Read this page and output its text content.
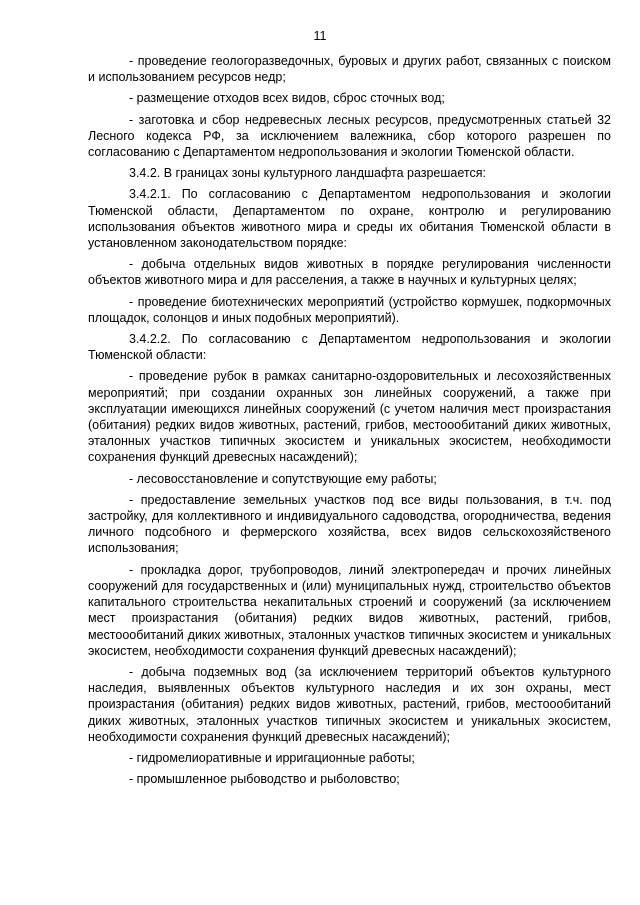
11

- проведение геологоразведочных, буровых и других работ, связанных с поиском и использованием ресурсов недр;

- размещение отходов всех видов, сброс сточных вод;

- заготовка и сбор недревесных лесных ресурсов, предусмотренных статьей 32 Лесного кодекса РФ, за исключением валежника, сбор которого разрешен по согласованию с Департаментом недропользования и экологии Тюменской области.

3.4.2. В границах зоны культурного ландшафта разрешается:

3.4.2.1. По согласованию с Департаментом недропользования и экологии Тюменской области, Департаментом по охране, контролю и регулированию использования объектов животного мира и среды их обитания Тюменской области в установленном законодательством порядке:

- добыча отдельных видов животных в порядке регулирования численности объектов животного мира и для расселения, а также в научных и культурных целях;

- проведение биотехнических мероприятий (устройство кормушек, подкормочных площадок, солонцов и иных подобных мероприятий).

3.4.2.2. По согласованию с Департаментом недропользования и экологии Тюменской области:

- проведение рубок в рамках санитарно-оздоровительных и лесохозяйственных мероприятий; при создании охранных зон линейных сооружений, а также при эксплуатации имеющихся линейных сооружений (с учетом наличия мест произрастания (обитания) редких видов животных, растений, грибов, местоообитаний диких животных, эталонных участков типичных экосистем и уникальных экосистем, необходимости сохранения функций древесных насаждений);

- лесовосстановление и сопутствующие ему работы;

- предоставление земельных участков под все виды пользования, в т.ч. под застройку, для коллективного и индивидуального садоводства, огородничества, ведения личного подсобного и фермерского хозяйства, всех видов сельскохозяйственого использования;

- прокладка дорог, трубопроводов, линий электропередач и прочих линейных сооружений для государственных и (или) муниципальных нужд, строительство объектов капитального строительства некапитальных строений и сооружений (за исключением мест произрастания (обитания) редких видов животных, растений, грибов, местоообитаний диких животных, эталонных участков типичных экосистем и уникальных экосистем, необходимости сохранения функций древесных насаждений);

- добыча подземных вод (за исключением территорий объектов культурного наследия, выявленных объектов культурного наследия и их зон охраны, мест произрастания (обитания) редких видов животных, растений, грибов, местоообитаний диких животных, эталонных участков типичных экосистем и уникальных экосистем, необходимости сохранения функций древесных насаждений);

- гидромелиоративные и ирригационные работы;

- промышленное рыбоводство и рыболовство;
